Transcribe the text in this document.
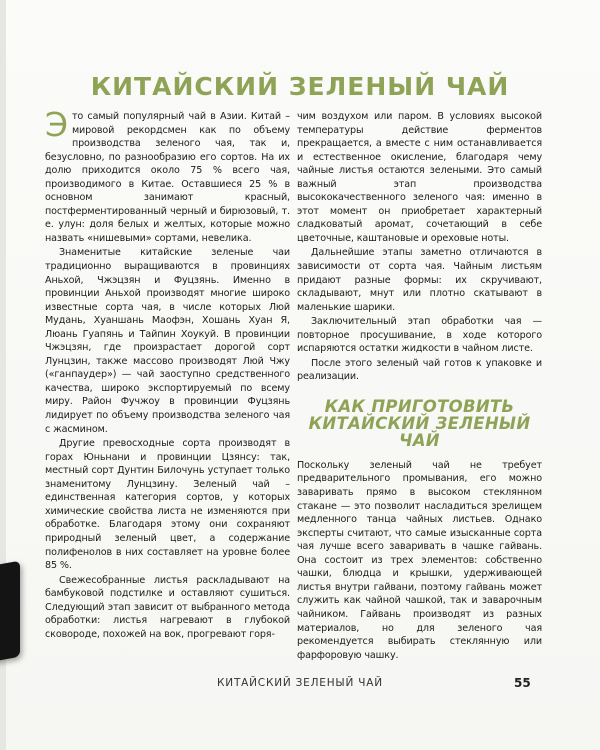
КИТАЙСКИЙ ЗЕЛЕНЫЙ ЧАЙ

Это самый популярный чай в Азии. Китай – мировой рекордсмен как по объему производства зеленого чая, так и, безусловно, по разнообразию его сортов. На их долю приходится около 75 % всего чая, производимого в Китае. Оставшиеся 25 % в основном занимают красный, постферментированный черный и бирюзовый, т. е. улун: доля белых и желтых, которые можно назвать «нишевыми» сортами, невелика.

Знаменитые китайские зеленые чаи традиционно выращиваются в провинциях Аньхой, Чжэцзян и Фуцзянь. Именно в провинции Аньхой производят многие широко известные сорта чая, в числе которых Люй Мудань, Хуаншань Маофэн, Хошань Хуан Я, Люань Гуапянь и Тайпин Хоукуй. В провинции Чжэцзян, где произрастает дорогой сорт Лунцзин, также массово производят Люй Чжу («ганпаудер») — чай заоступно средственного качества, широко экспортируемый по всему миру. Район Фучжоу в провинции Фуцзянь лидирует по объему производства зеленого чая с жасмином.

Другие превосходные сорта производят в горах Юньнани и провинции Цзянсу: так, местный сорт Дунтин Билочунь уступает только знаменитому Лунцзину. Зеленый чай – единственная категория сортов, у которых химические свойства листа не изменяются при обработке. Благодаря этому они сохраняют природный зеленый цвет, а содержание полифенолов в них составляет на уровне более 85 %.

Свежесобранные листья раскладывают на бамбуковой подстилке и оставляют сушиться. Следующий этап зависит от выбранного метода обработки: листья нагревают в глубокой сковороде, похожей на вок, прогревают горя-

чим воздухом или паром. В условиях высокой температуры действие ферментов прекращается, а вместе с ним останавливается и естественное окисление, благодаря чему чайные листья остаются зелеными. Это самый важный этап производства высококачественного зеленого чая: именно в этот момент он приобретает характерный сладковатый аромат, сочетающий в себе цветочные, каштановые и ореховые ноты.

Дальнейшие этапы заметно отличаются в зависимости от сорта чая. Чайным листьям придают разные формы: их скручивают, складывают, мнут или плотно скатывают в маленькие шарики.

Заключительный этап обработки чая — повторное просушивание, в ходе которого испаряются остатки жидкости в чайном листе.

После этого зеленый чай готов к упаковке и реализации.

КАК ПРИГОТОВИТЬ
КИТАЙСКИЙ ЗЕЛЕНЫЙ ЧАЙ

Поскольку зеленый чай не требует предварительного промывания, его можно заваривать прямо в высоком стеклянном стакане — это позволит насладиться зрелищем медленного танца чайных листьев. Однако эксперты считают, что самые изысканные сорта чая лучше всего заваривать в чашке гайвань. Она состоит из трех элементов: собственно чашки, блюдца и крышки, удерживающей листья внутри гайвани, поэтому гайвань может служить как чайной чашкой, так и заварочным чайником. Гайвань производят из разных материалов, но для зеленого чая рекомендуется выбирать стеклянную или фарфоровую чашку.

КИТАЙСКИЙ ЗЕЛЕНЫЙ ЧАЙ	55
